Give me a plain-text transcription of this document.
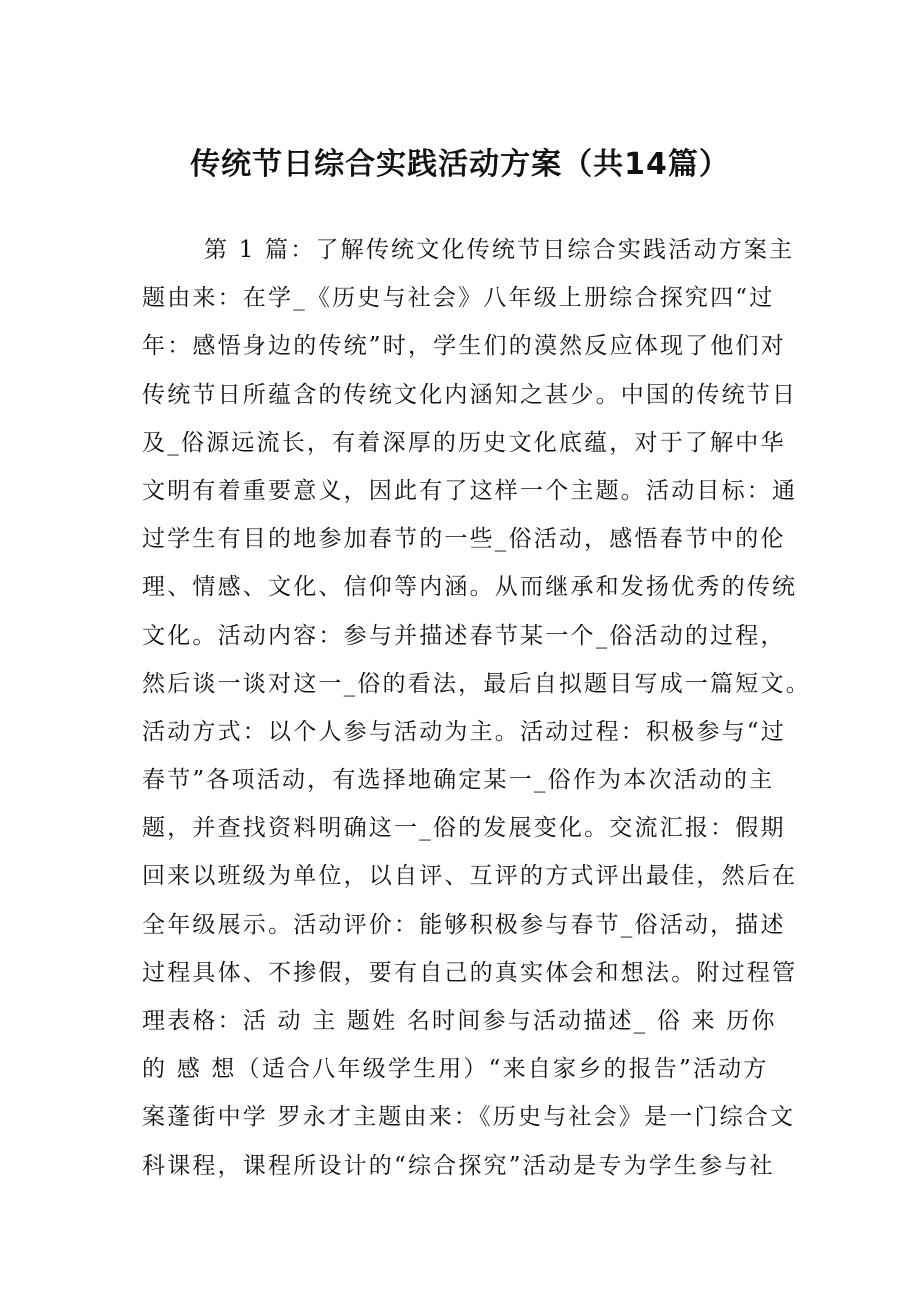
传统节日综合实践活动方案（共14篇）
第 1 篇：了解传统文化传统节日综合实践活动方案主
题由来：在学_《历史与社会》八年级上册综合探究四“过
年：感悟身边的传统”时，学生们的漠然反应体现了他们对
传统节日所蕴含的传统文化内涵知之甚少。中国的传统节日
及_俗源远流长，有着深厚的历史文化底蕴，对于了解中华
文明有着重要意义，因此有了这样一个主题。活动目标：通
过学生有目的地参加春节的一些_俗活动，感悟春节中的伦
理、情感、文化、信仰等内涵。从而继承和发扬优秀的传统
文化。活动内容：参与并描述春节某一个_俗活动的过程，
然后谈一谈对这一_俗的看法，最后自拟题目写成一篇短文。
活动方式：以个人参与活动为主。活动过程：积极参与“过
春节”各项活动，有选择地确定某一_俗作为本次活动的主
题，并查找资料明确这一_俗的发展变化。交流汇报：假期
回来以班级为单位，以自评、互评的方式评出最佳，然后在
全年级展示。活动评价：能够积极参与春节_俗活动，描述
过程具体、不掺假，要有自己的真实体会和想法。附过程管
理表格：活 动 主 题姓 名时间参与活动描述_ 俗 来 历你
的 感 想（适合八年级学生用）“来自家乡的报告”活动方
案蓬街中学 罗永才主题由来：《历史与社会》是一门综合文
科课程，课程所设计的“综合探究”活动是专为学生参与社
